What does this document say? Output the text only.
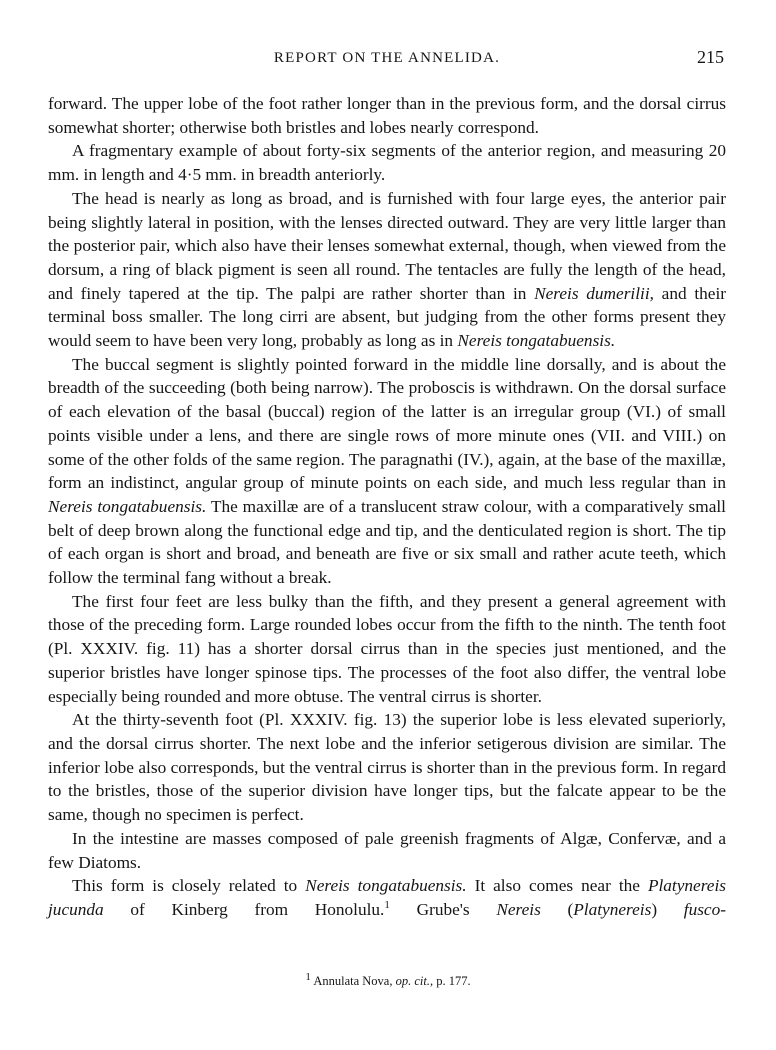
REPORT ON THE ANNELIDA.	215

forward. The upper lobe of the foot rather longer than in the previous form, and the dorsal cirrus somewhat shorter; otherwise both bristles and lobes nearly correspond.

A fragmentary example of about forty-six segments of the anterior region, and measuring 20 mm. in length and 4·5 mm. in breadth anteriorly.

The head is nearly as long as broad, and is furnished with four large eyes, the anterior pair being slightly lateral in position, with the lenses directed outward. They are very little larger than the posterior pair, which also have their lenses somewhat external, though, when viewed from the dorsum, a ring of black pigment is seen all round. The tentacles are fully the length of the head, and finely tapered at the tip. The palpi are rather shorter than in Nereis dumerilii, and their terminal boss smaller. The long cirri are absent, but judging from the other forms present they would seem to have been very long, probably as long as in Nereis tongatabuensis.

The buccal segment is slightly pointed forward in the middle line dorsally, and is about the breadth of the succeeding (both being narrow). The proboscis is withdrawn. On the dorsal surface of each elevation of the basal (buccal) region of the latter is an irregular group (VI.) of small points visible under a lens, and there are single rows of more minute ones (VII. and VIII.) on some of the other folds of the same region. The paragnathi (IV.), again, at the base of the maxillæ, form an indistinct, angular group of minute points on each side, and much less regular than in Nereis tongatabuensis. The maxillæ are of a translucent straw colour, with a comparatively small belt of deep brown along the functional edge and tip, and the denticulated region is short. The tip of each organ is short and broad, and beneath are five or six small and rather acute teeth, which follow the terminal fang without a break.

The first four feet are less bulky than the fifth, and they present a general agreement with those of the preceding form. Large rounded lobes occur from the fifth to the ninth. The tenth foot (Pl. XXXIV. fig. 11) has a shorter dorsal cirrus than in the species just mentioned, and the superior bristles have longer spinose tips. The processes of the foot also differ, the ventral lobe especially being rounded and more obtuse. The ventral cirrus is shorter.

At the thirty-seventh foot (Pl. XXXIV. fig. 13) the superior lobe is less elevated superiorly, and the dorsal cirrus shorter. The next lobe and the inferior setigerous division are similar. The inferior lobe also corresponds, but the ventral cirrus is shorter than in the previous form. In regard to the bristles, those of the superior division have longer tips, but the falcate appear to be the same, though no specimen is perfect.

In the intestine are masses composed of pale greenish fragments of Algæ, Confervæ, and a few Diatoms.

This form is closely related to Nereis tongatabuensis. It also comes near the Platynereis jucunda of Kinberg from Honolulu.$^1$ Grube's Nereis (Platynereis) fusco-

$^1$ Annulata Nova, op. cit., p. 177.
